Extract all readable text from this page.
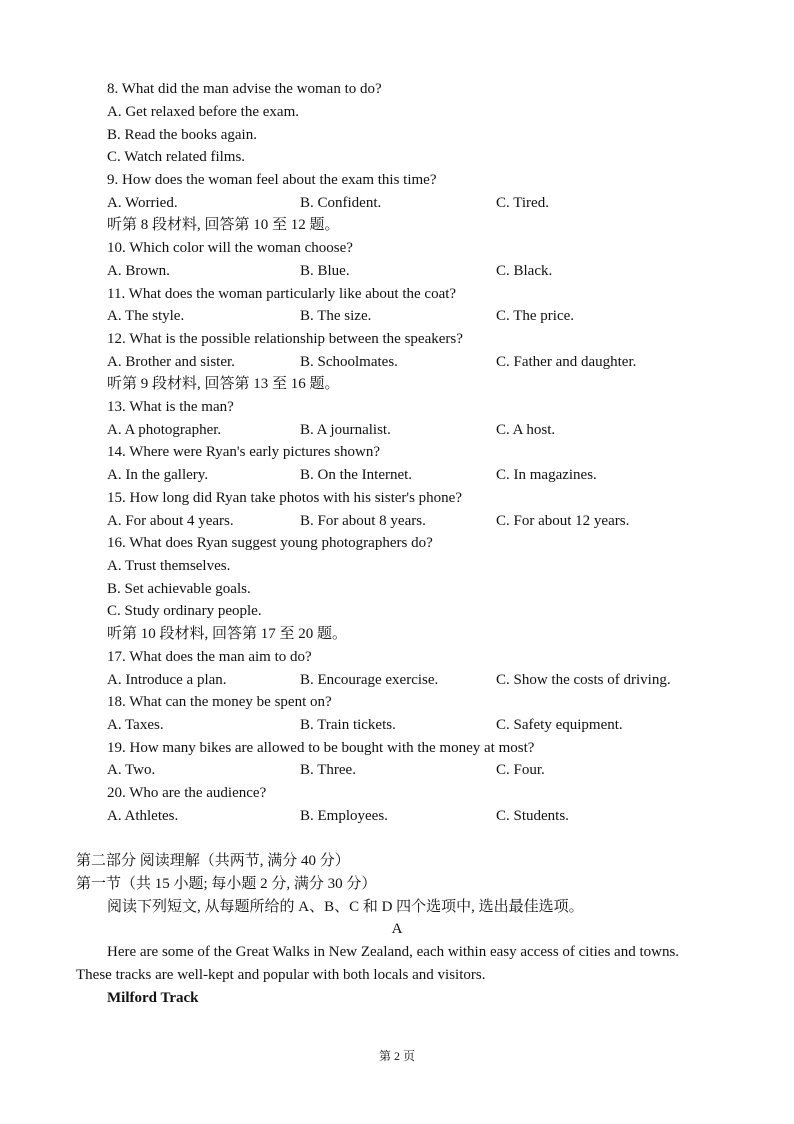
8. What did the man advise the woman to do?
A. Get relaxed before the exam.
B. Read the books again.
C. Watch related films.
9. How does the woman feel about the exam this time?
A. Worried.	B. Confident.	C. Tired.
听第 8 段材料, 回答第 10 至 12 题。
10. Which color will the woman choose?
A. Brown.	B. Blue.	C. Black.
11. What does the woman particularly like about the coat?
A. The style.	B. The size.	C. The price.
12. What is the possible relationship between the speakers?
A. Brother and sister.	B. Schoolmates.	C. Father and daughter.
听第 9 段材料, 回答第 13 至 16 题。
13. What is the man?
A. A photographer.	B. A journalist.	C. A host.
14. Where were Ryan's early pictures shown?
A. In the gallery.	B. On the Internet.	C. In magazines.
15. How long did Ryan take photos with his sister's phone?
A. For about 4 years.	B. For about 8 years.	C. For about 12 years.
16. What does Ryan suggest young photographers do?
A. Trust themselves.
B. Set achievable goals.
C. Study ordinary people.
听第 10 段材料, 回答第 17 至 20 题。
17. What does the man aim to do?
A. Introduce a plan.	B. Encourage exercise.	C. Show the costs of driving.
18. What can the money be spent on?
A. Taxes.	B. Train tickets.	C. Safety equipment.
19. How many bikes are allowed to be bought with the money at most?
A. Two.	B. Three.	C. Four.
20. Who are the audience?
A. Athletes.	B. Employees.	C. Students.
第二部分 阅读理解（共两节, 满分 40 分）
第一节（共 15 小题; 每小题 2 分, 满分 30 分）
阅读下列短文, 从每题所给的 A、B、C 和 D 四个选项中, 选出最佳选项。
A
Here are some of the Great Walks in New Zealand, each within easy access of cities and towns.
These tracks are well-kept and popular with both locals and visitors.
Milford Track
第 2 页
